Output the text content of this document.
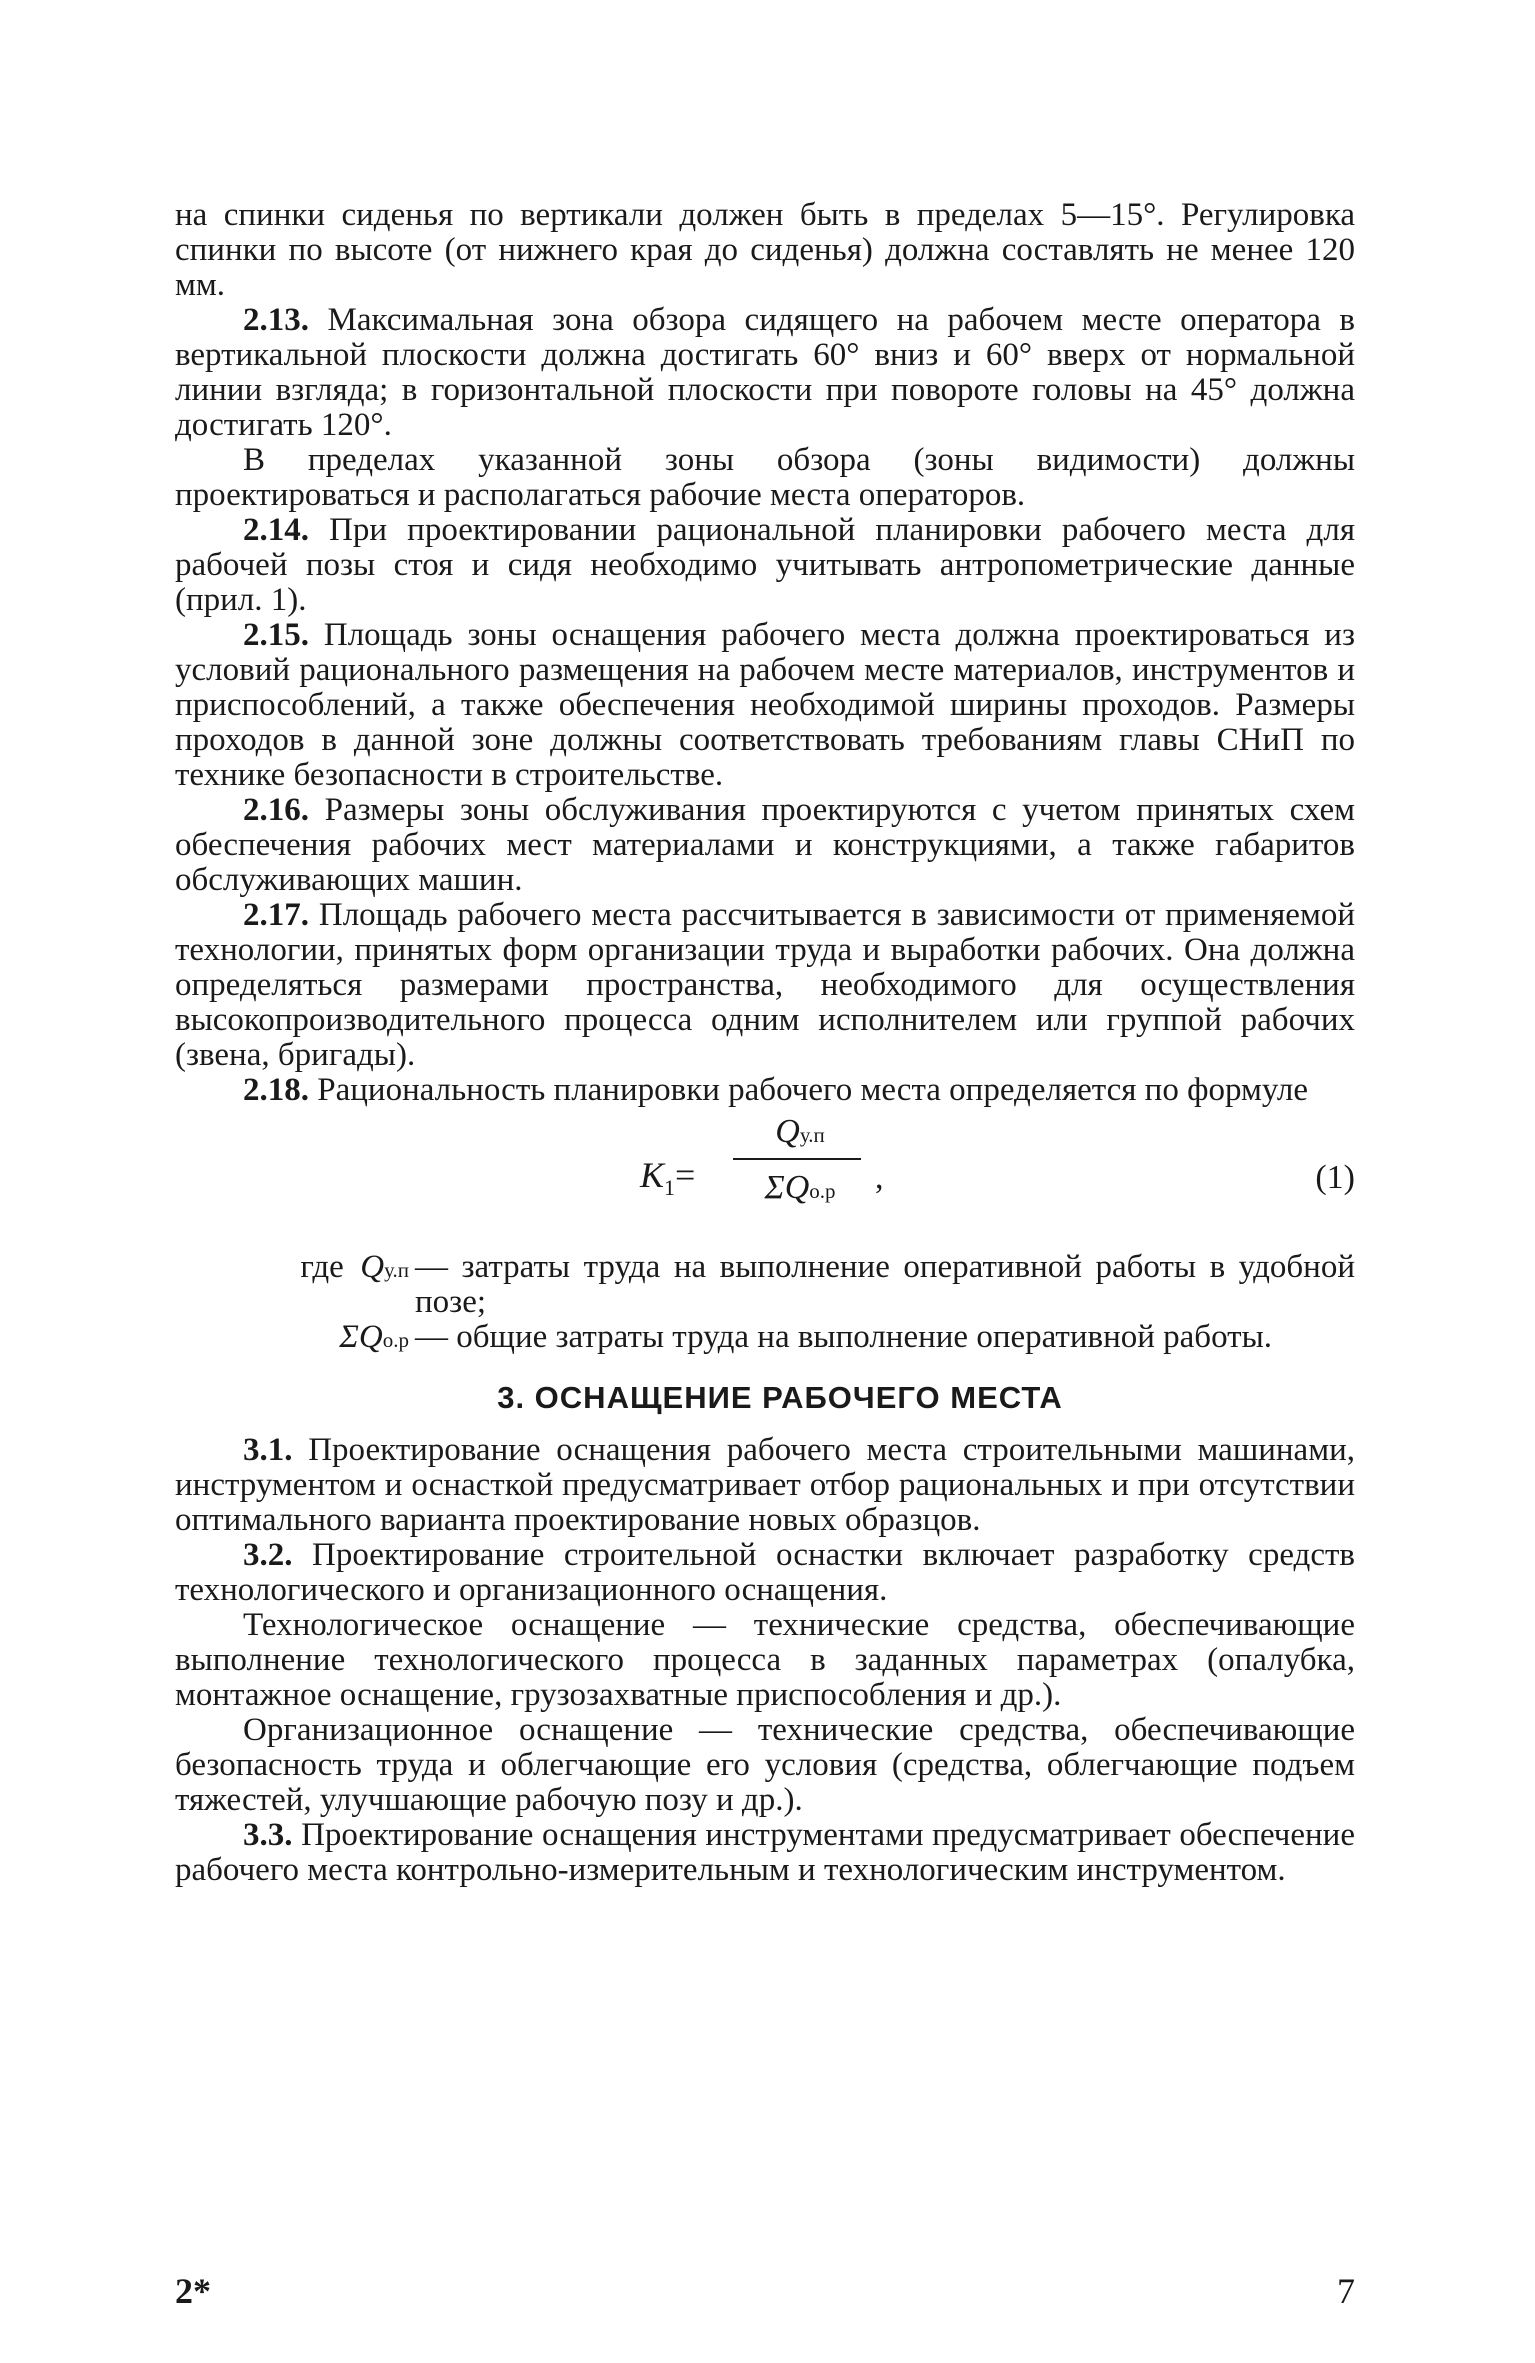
на спинки сиденья по вертикали должен быть в пределах 5—15°. Регулировка спинки по высоте (от нижнего края до сиденья) должна составлять не менее 120 мм.

2.13. Максимальная зона обзора сидящего на рабочем месте оператора в вертикальной плоскости должна достигать 60° вниз и 60° вверх от нормальной линии взгляда; в горизонтальной плоскости при повороте головы на 45° должна достигать 120°.

В пределах указанной зоны обзора (зоны видимости) должны проектироваться и располагаться рабочие места операторов.

2.14. При проектировании рациональной планировки рабочего места для рабочей позы стоя и сидя необходимо учитывать антропометрические данные (прил. 1).

2.15. Площадь зоны оснащения рабочего места должна проектироваться из условий рационального размещения на рабочем месте материалов, инструментов и приспособлений, а также обеспечения необходимой ширины проходов. Размеры проходов в данной зоне должны соответствовать требованиям главы СНиП по технике безопасности в строительстве.

2.16. Размеры зоны обслуживания проектируются с учетом принятых схем обеспечения рабочих мест материалами и конструкциями, а также габаритов обслуживающих машин.

2.17. Площадь рабочего места рассчитывается в зависимости от применяемой технологии, принятых форм организации труда и выработки рабочих. Она должна определяться размерами пространства, необходимого для осуществления высокопроизводительного процесса одним исполнителем или группой рабочих (звена, бригады).

2.18. Рациональность планировки рабочего места определяется по формуле

$K_1$ =
Qу.п
ΣQо.р	,	(1)
где Qу.п — затраты труда на выполнение оперативной работы в удобной позе;
ΣQо.р — общие затраты труда на выполнение оперативной работы.
3. ОСНАЩЕНИЕ РАБОЧЕГО МЕСТА

3.1. Проектирование оснащения рабочего места строительными машинами, инструментом и оснасткой предусматривает отбор рациональных и при отсутствии оптимального варианта проектирование новых образцов.

3.2. Проектирование строительной оснастки включает разработку средств технологического и организационного оснащения.

Технологическое оснащение — технические средства, обеспечивающие выполнение технологического процесса в заданных параметрах (опалубка, монтажное оснащение, грузозахватные приспособления и др.).

Организационное оснащение — технические средства, обеспечивающие безопасность труда и облегчающие его условия (средства, облегчающие подъем тяжестей, улучшающие рабочую позу и др.).

3.3. Проектирование оснащения инструментами предусматривает обеспечение рабочего места контрольно-измерительным и технологическим инструментом.

2*	7
